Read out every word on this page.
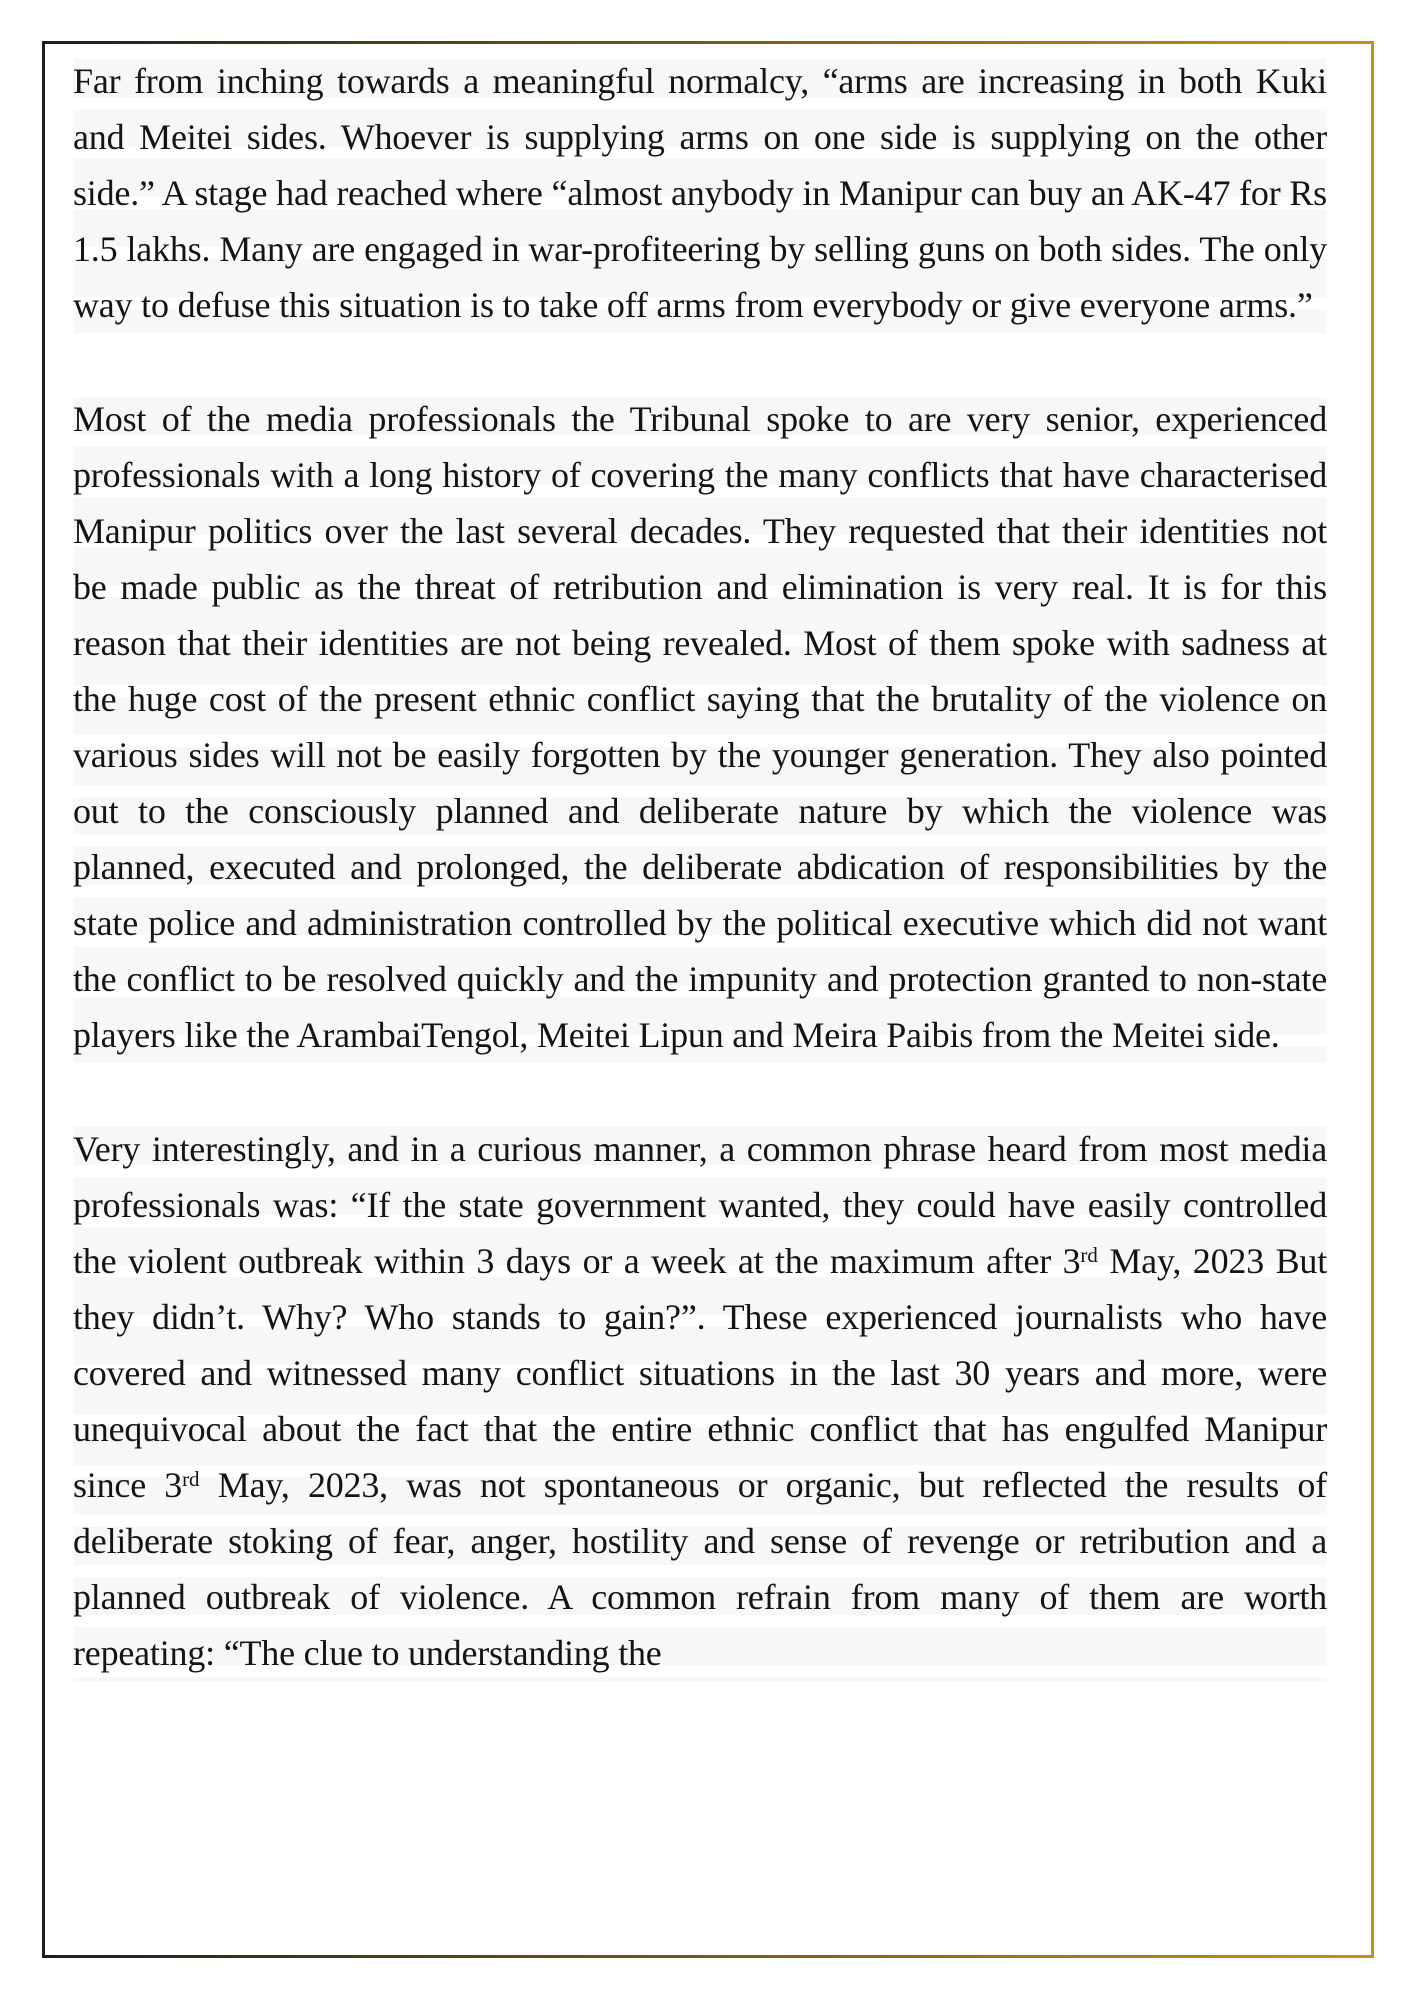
Far from inching towards a meaningful normalcy, “arms are increasing in both Kuki and Meitei sides. Whoever is supplying arms on one side is supplying on the other side.” A stage had reached where “almost anybody in Manipur can buy an AK-47 for Rs 1.5 lakhs. Many are engaged in war-profiteering by selling guns on both sides. The only way to defuse this situation is to take off arms from everybody or give everyone arms.”

Most of the media professionals the Tribunal spoke to are very senior, experienced professionals with a long history of covering the many conflicts that have characterised Manipur politics over the last several decades. They requested that their identities not be made public as the threat of retribution and elimination is very real. It is for this reason that their identities are not being revealed. Most of them spoke with sadness at the huge cost of the present ethnic conflict saying that the brutality of the violence on various sides will not be easily forgotten by the younger generation. They also pointed out to the consciously planned and deliberate nature by which the violence was planned, executed and prolonged, the deliberate abdication of responsibilities by the state police and administration controlled by the political executive which did not want the conflict to be resolved quickly and the impunity and protection granted to non-state players like the ArambaiTengol, Meitei Lipun and Meira Paibis from the Meitei side.

Very interestingly, and in a curious manner, a common phrase heard from most media professionals was: “If the state government wanted, they could have easily controlled the violent outbreak within 3 days or a week at the maximum after 3rd May, 2023 But they didn’t. Why? Who stands to gain?”. These experienced journalists who have covered and witnessed many conflict situations in the last 30 years and more, were unequivocal about the fact that the entire ethnic conflict that has engulfed Manipur since 3rd May, 2023, was not spontaneous or organic, but reflected the results of deliberate stoking of fear, anger, hostility and sense of revenge or retribution and a planned outbreak of violence. A common refrain from many of them are worth repeating: “The clue to understanding the
